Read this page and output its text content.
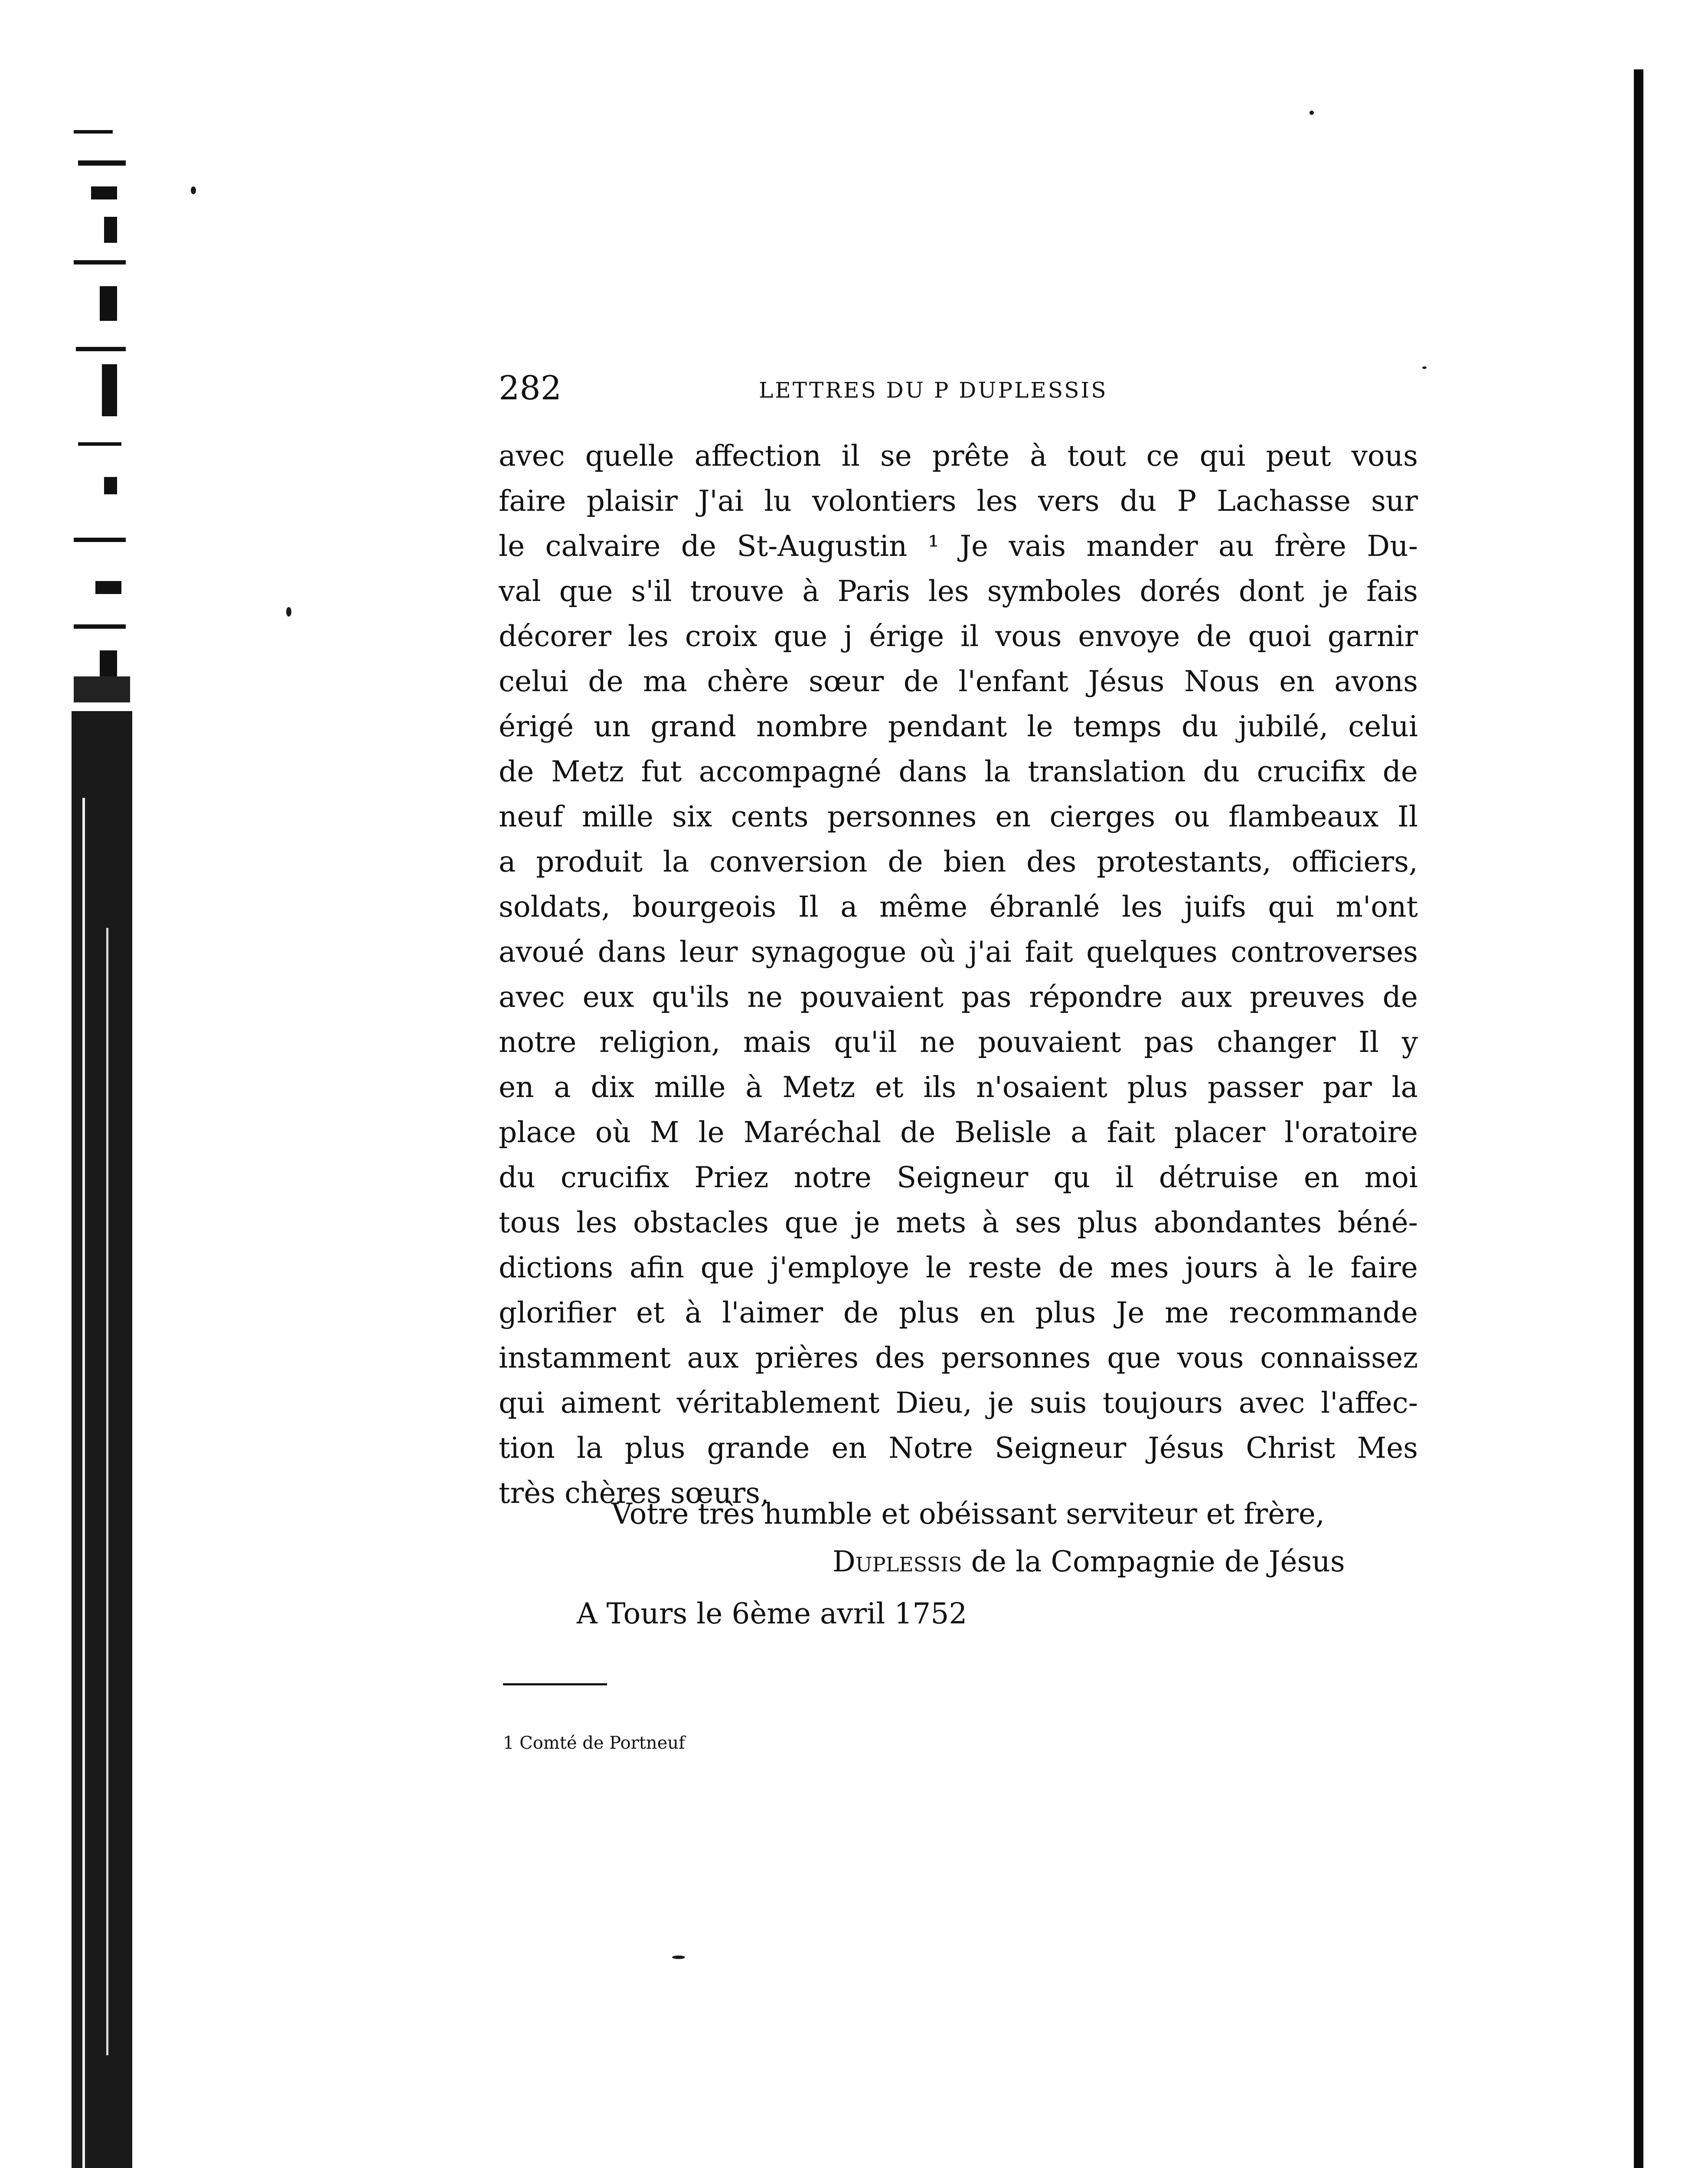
282	LETTRES DU P DUPLESSIS
avec quelle affection il se prête à tout ce qui peut vous
faire plaisir J'ai lu volontiers les vers du P Lachasse sur
le calvaire de St-Augustin ¹ Je vais mander au frère Du-
val que s'il trouve à Paris les symboles dorés dont je fais
décorer les croix que j érige il vous envoye de quoi garnir
celui de ma chère sœur de l'enfant Jésus Nous en avons
érigé un grand nombre pendant le temps du jubilé, celui
de Metz fut accompagné dans la translation du crucifix de
neuf mille six cents personnes en cierges ou flambeaux Il
a produit la conversion de bien des protestants, officiers,
soldats, bourgeois Il a même ébranlé les juifs qui m'ont
avoué dans leur synagogue où j'ai fait quelques controverses
avec eux qu'ils ne pouvaient pas répondre aux preuves de
notre religion, mais qu'il ne pouvaient pas changer Il y
en a dix mille à Metz et ils n'osaient plus passer par la
place où M le Maréchal de Belisle a fait placer l'oratoire
du crucifix Priez notre Seigneur qu il détruise en moi
tous les obstacles que je mets à ses plus abondantes béné-
dictions afin que j'employe le reste de mes jours à le faire
glorifier et à l'aimer de plus en plus Je me recommande
instamment aux prières des personnes que vous connaissez
qui aiment véritablement Dieu, je suis toujours avec l'affec-
tion la plus grande en Notre Seigneur Jésus Christ Mes
très chères sœurs,
Votre très humble et obéissant serviteur et frère,
Duplessis de la Compagnie de Jésus
A Tours le 6ème avril 1752
1 Comté de Portneuf
